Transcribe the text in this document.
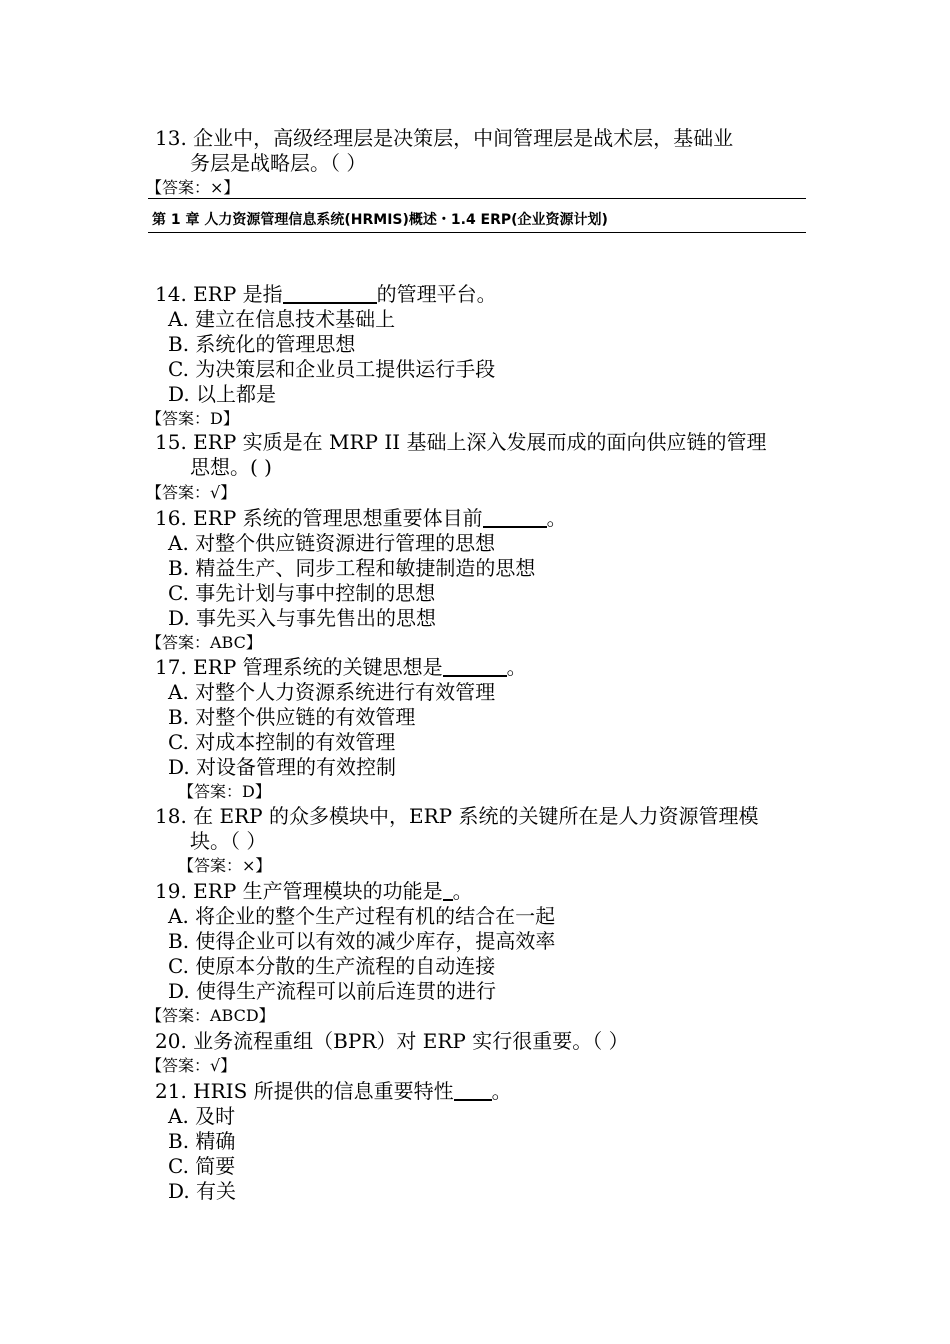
13. 企业中，高级经理层是决策层，中间管理层是战术层，基础业
务层是战略层。（ ）
【答案：×】
第 1 章 人力资源管理信息系统(HRMIS)概述・1.4 ERP(企业资源计划)
14. ERP 是指	的管理平台。
A. 建立在信息技术基础上
B. 系统化的管理思想
C. 为决策层和企业员工提供运行手段
D. 以上都是
【答案：D】
15. ERP 实质是在 MRP II 基础上深入发展而成的面向供应链的管理
思想。( )
【答案：√】
16. ERP 系统的管理思想重要体目前	。
A. 对整个供应链资源进行管理的思想
B. 精益生产、同步工程和敏捷制造的思想
C. 事先计划与事中控制的思想
D. 事先买入与事先售出的思想
【答案：ABC】
17. ERP 管理系统的关键思想是	。
A. 对整个人力资源系统进行有效管理
B. 对整个供应链的有效管理
C. 对成本控制的有效管理
D. 对设备管理的有效控制
【答案：D】
18. 在 ERP 的众多模块中，ERP 系统的关键所在是人力资源管理模
块。（ ）
【答案：×】
19. ERP 生产管理模块的功能是 。
A. 将企业的整个生产过程有机的结合在一起
B. 使得企业可以有效的减少库存，提高效率
C. 使原本分散的生产流程的自动连接
D. 使得生产流程可以前后连贯的进行
【答案：ABCD】
20. 业务流程重组（BPR）对 ERP 实行很重要。（ ）
【答案：√】
21. HRIS 所提供的信息重要特性 。
A. 及时
B. 精确
C. 简要
D. 有关
